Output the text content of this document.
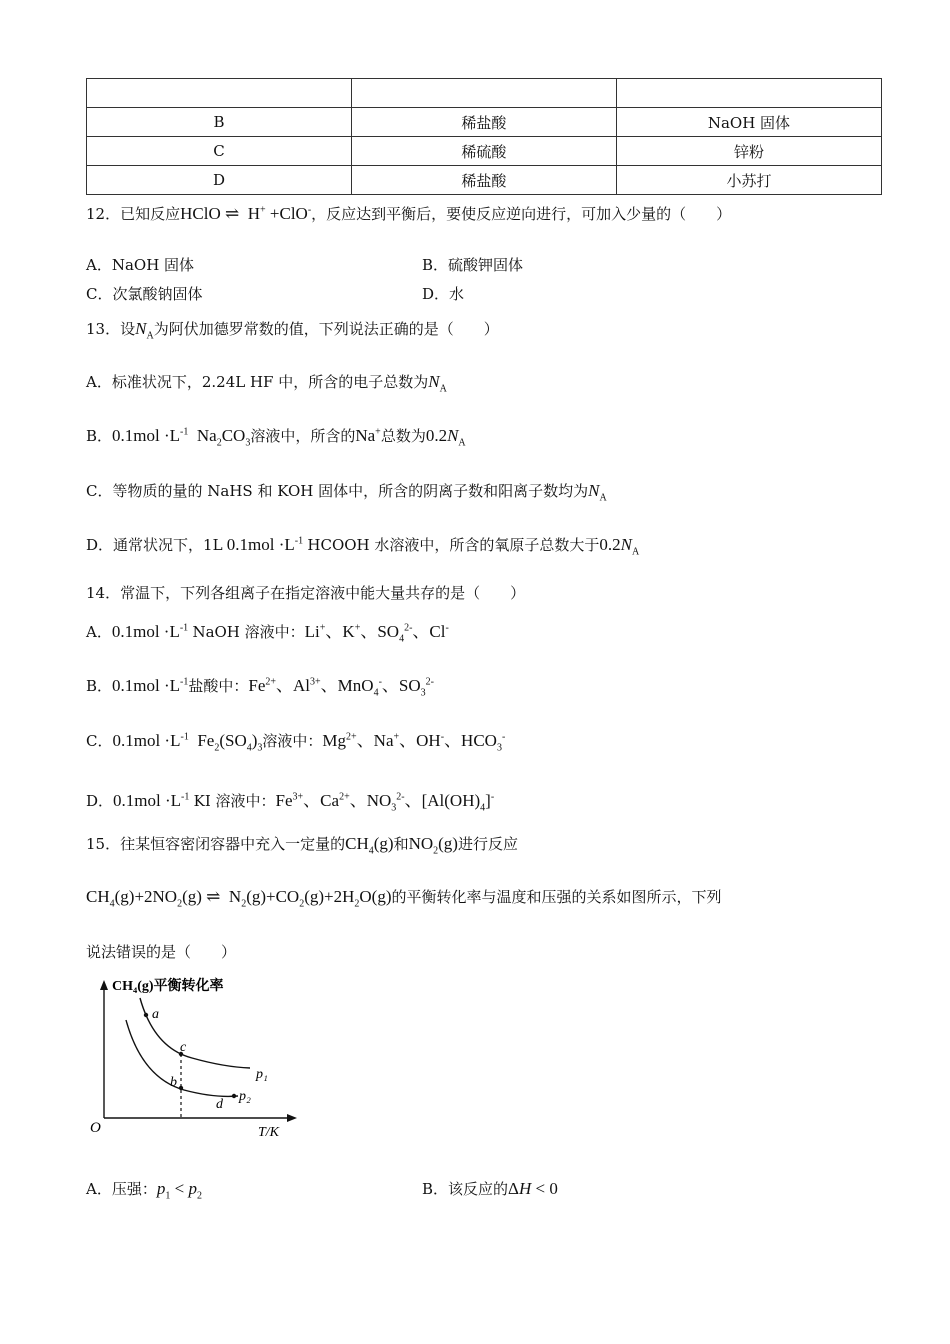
B	稀盐酸	NaOH 固体
C	稀硫酸	锌粉
D	稀盐酸	小苏打
12．已知反应HClO ⇌  H+ +ClO-，反应达到平衡后，要使反应逆向进行，可加入少量的（　　）
A．NaOH 固体	B．硫酸钾固体
C．次氯酸钠固体	D．水
13．设$N_A$为阿伏加德罗常数的值，下列说法正确的是（　　）
A．标准状况下，2.24L HF 中，所含的电子总数为$N_A$
B．$0.1mol \cdot L^{-1}$  $Na_2CO_3$溶液中，所含的Na+总数为$0.2N_A$
C．等物质的量的 NaHS 和 KOH 固体中，所含的阴离子数和阳离子数均为$N_A$
D．通常状况下，1L $0.1mol \cdot L^{-1}$ HCOOH 水溶液中，所含的氧原子总数大于$0.2N_A$
14．常温下，下列各组离子在指定溶液中能大量共存的是（　　）
A．$0.1mol \cdot L^{-1}$ NaOH 溶液中：Li+、K+、$SO_4^{2-}$、Cl-
B．$0.1mol \cdot L^{-1}$盐酸中：$Fe^{2+}$、$Al^{3+}$、MnO$_4$-、$SO_3^{2-}$
C．$0.1mol \cdot L^{-1}$  $Fe_2(SO_4)_3$溶液中：$Mg^{2+}$、Na+、OH-、$HCO_3^-$
D．$0.1mol \cdot L^{-1}$ KI 溶液中：$Fe^{3+}$、$Ca^{2+}$、$NO_3^{2-}$、$[Al(OH)_4]^-$
15．往某恒容密闭容器中充入一定量的$CH_4(g)$和$NO_2(g)$进行反应
$CH_4(g)+2NO_2(g)$ ⇌  $N_2(g)+CO_2(g)+2H_2O(g)$的平衡转化率与温度和压强的关系如图所示，下列
说法错误的是（　　）
CH₄(g)平衡转化率
O	T/K
a
c
b
d
p₁
p₂
A．压强：$p_1 < p_2$	B．该反应的ΔH < 0
